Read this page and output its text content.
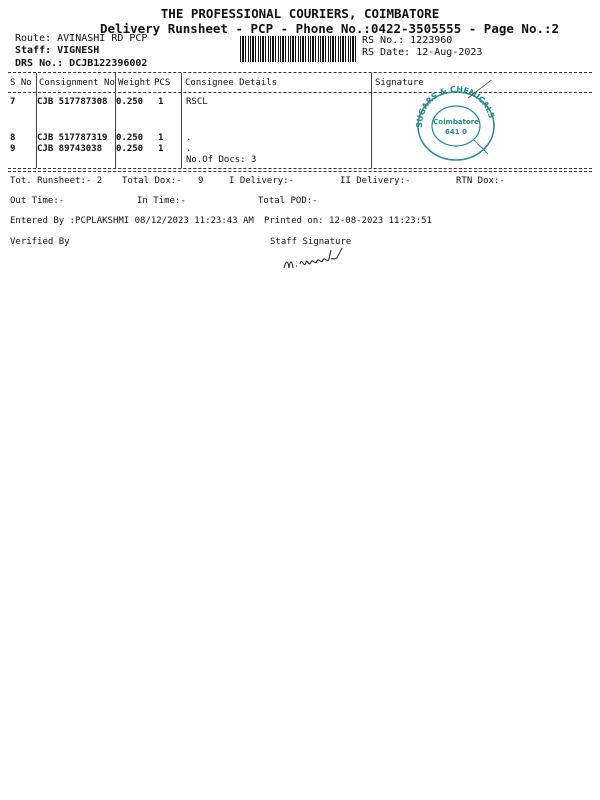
THE PROFESSIONAL COURIERS, COIMBATORE
Delivery Runsheet - PCP - Phone No.:0422-3505555 - Page No.:2
Route: AVINASHI RD PCP
Staff: VIGNESH
DRS No.: DCJB122396002
RS No.: 1223960
RS Date: 12-Aug-2023
S No Consignment No Weight PCS Consignee Details	Signature
7 CJB 517787308 0.250 1	RSCL
8 CJB 517787319 0.250 1	.
9 CJB 89743038 0.250 1	.
No.Of Docs: 3
SUGARS & CHEMICALS
Coimbatore
641 0
Tot. Runsheet:- 2 Total Dox:- 9	I Delivery:-	II Delivery:-	RTN Dox:-
Out Time:-	In Time:-	Total POD:-
Entered By :PCPLAKSHMI 08/12/2023 11:23:43 AM Printed on: 12-08-2023 11:23:51
Verified By	Staff Signature
